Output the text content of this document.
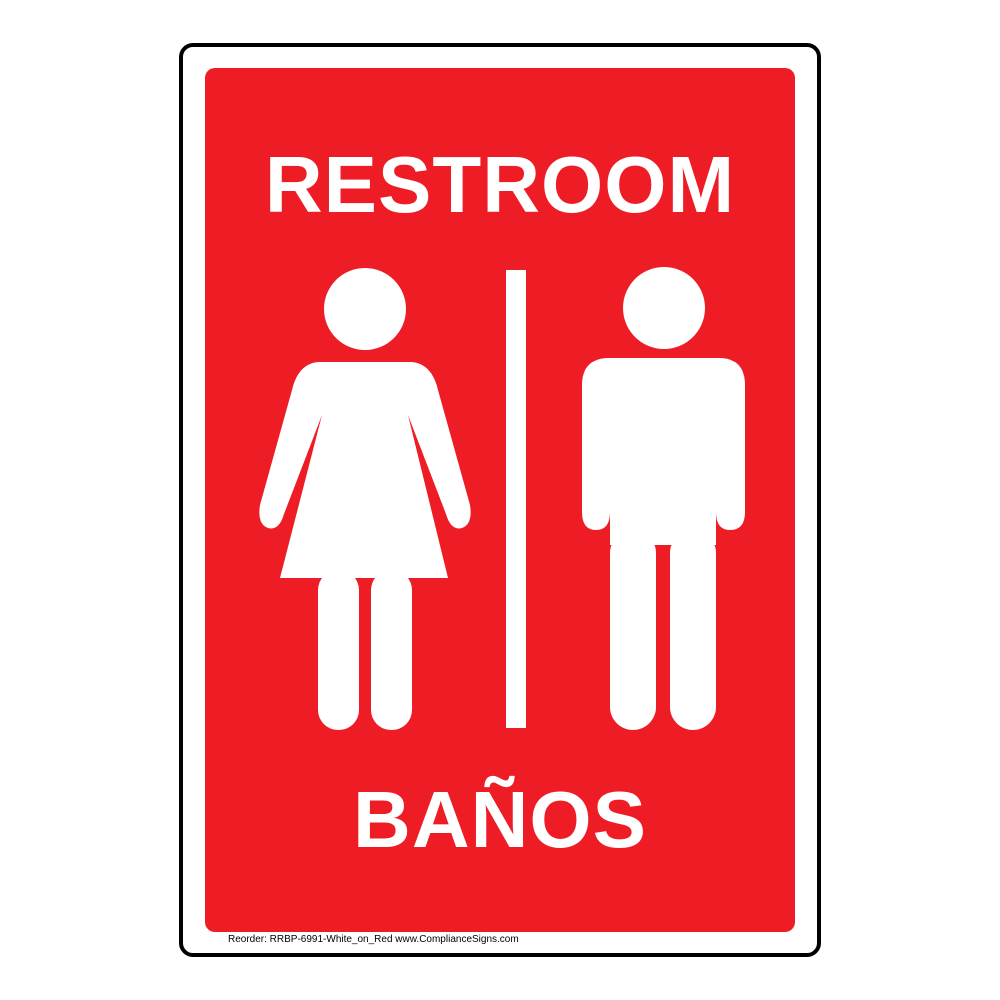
RESTROOM
BAÑOS
Reorder: RRBP-6991-White_on_Red www.ComplianceSigns.com
